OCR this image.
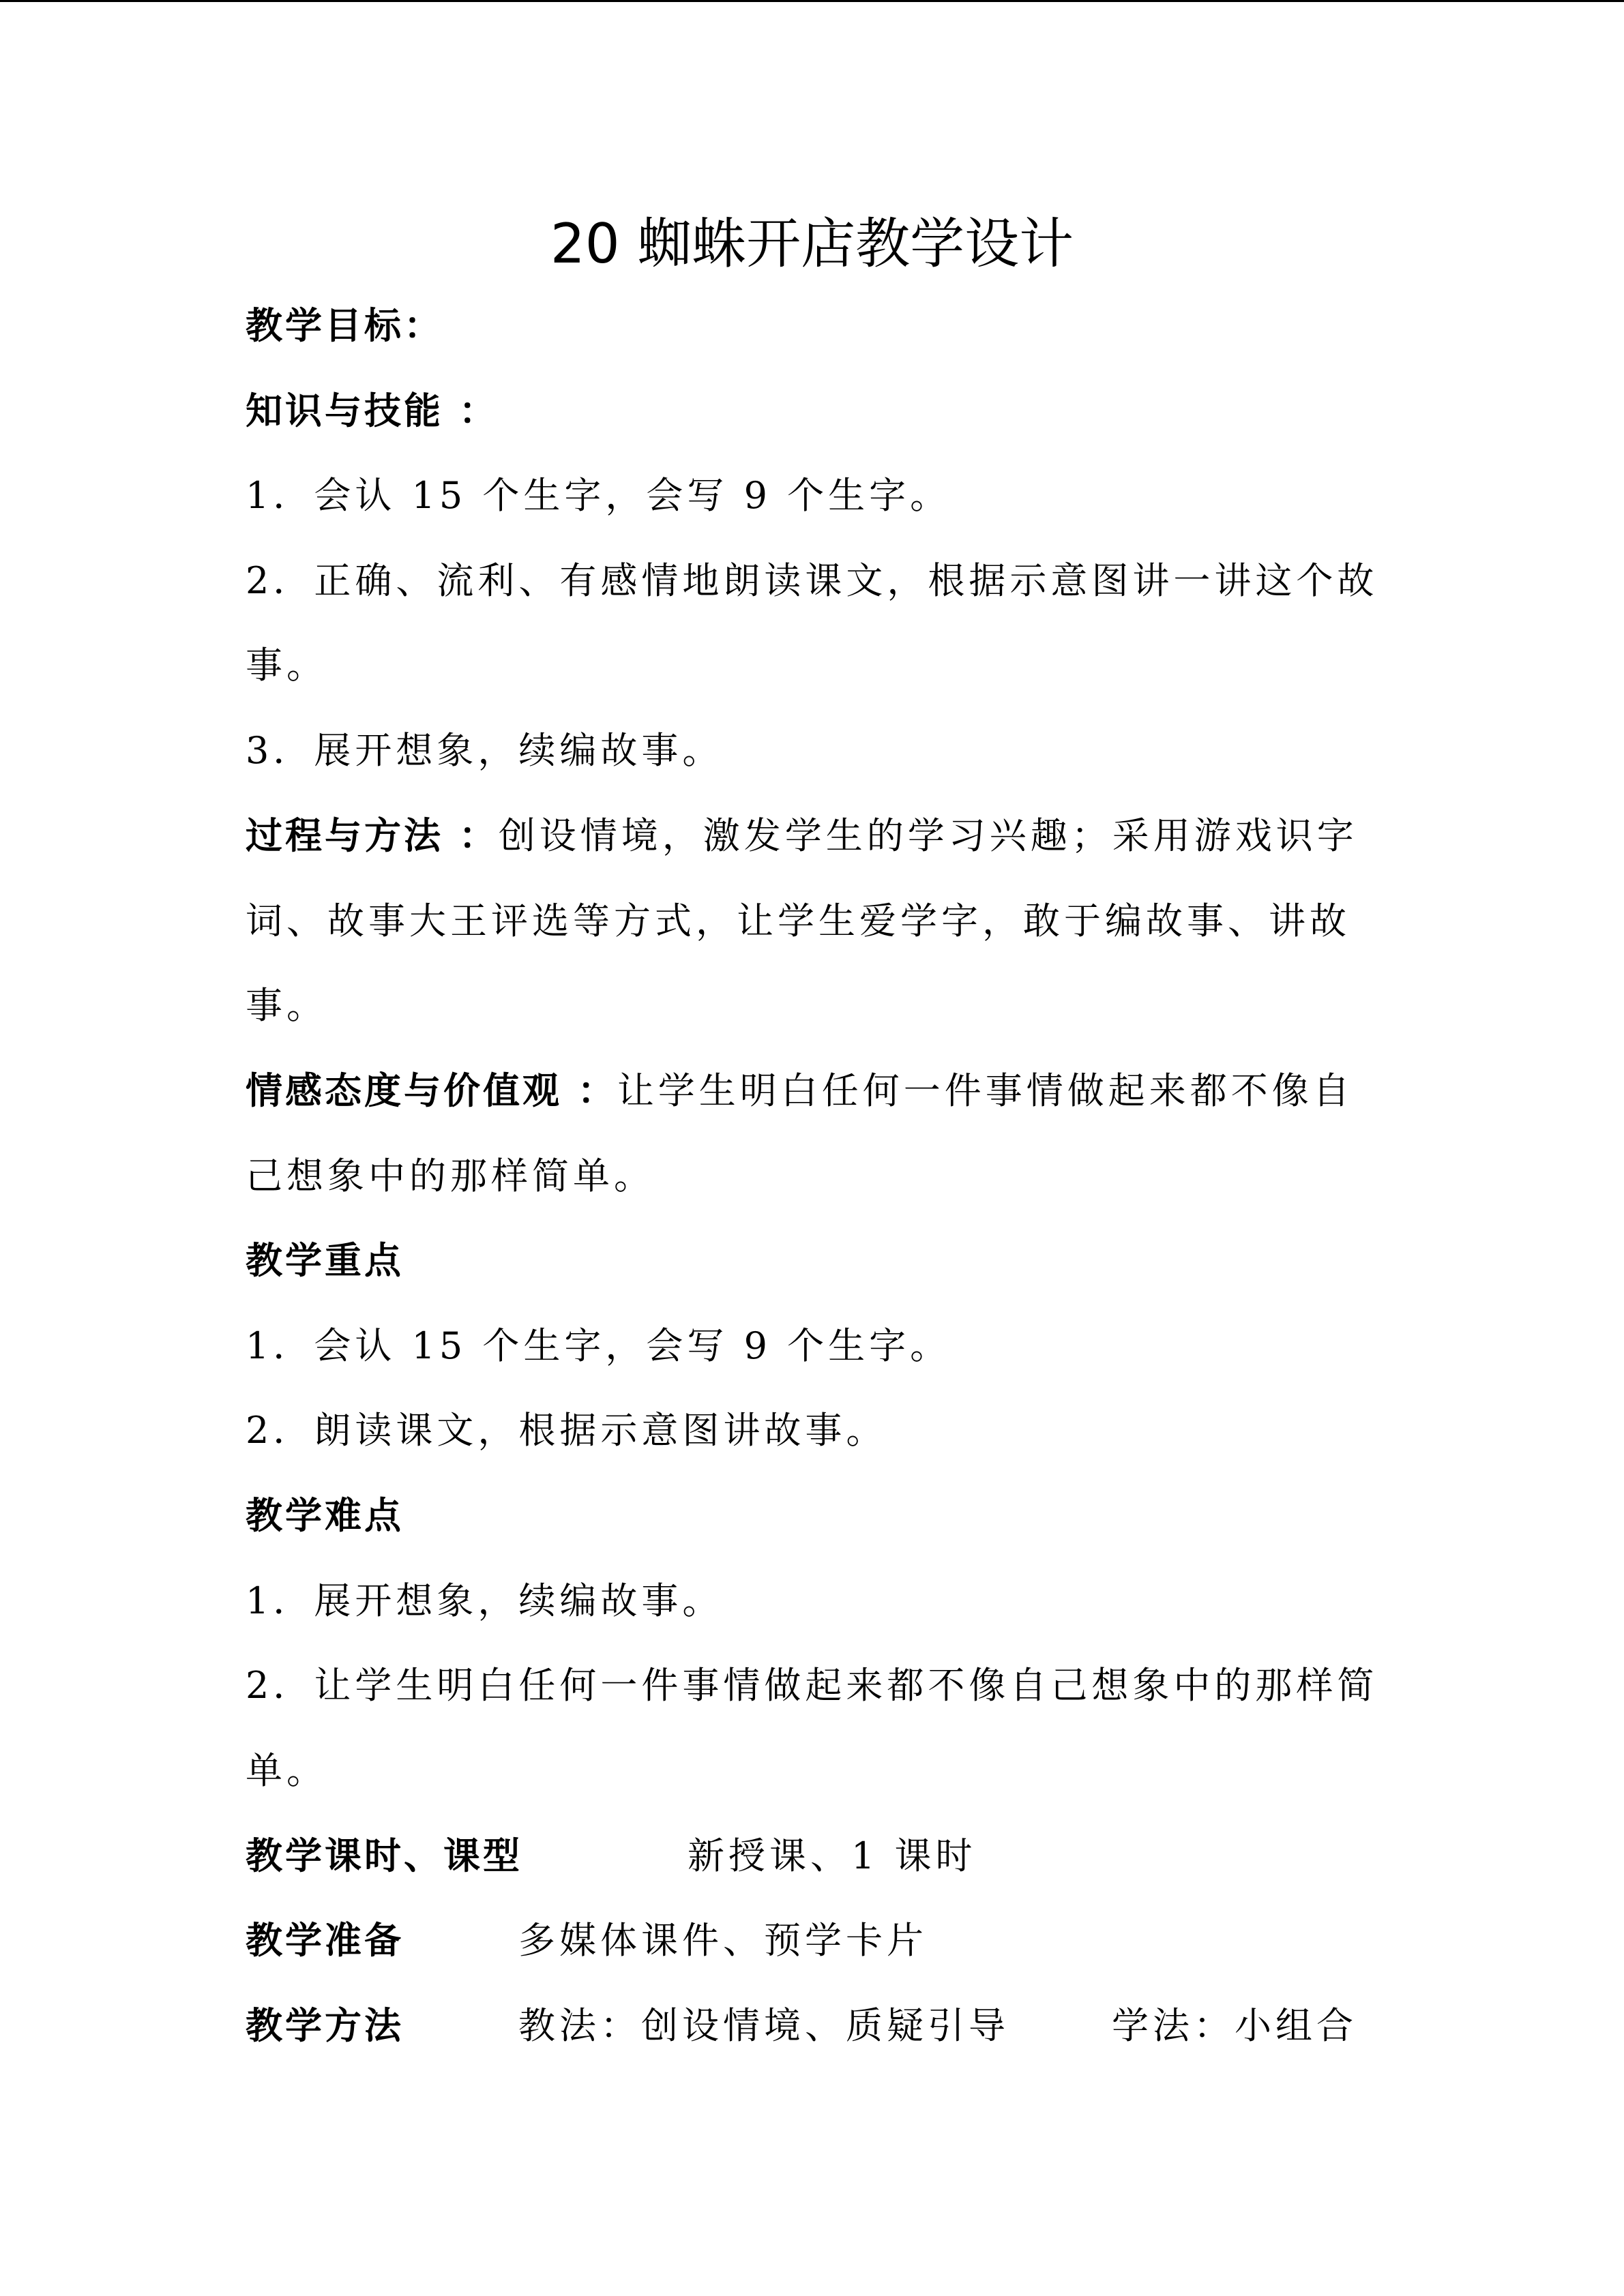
20 蜘蛛开店教学设计
教学目标：
知识与技能 ：
1．会认 15 个生字，会写 9 个生字。
2．正确、流利、有感情地朗读课文，根据示意图讲一讲这个故
事。
3．展开想象，续编故事。
过程与方法 ：创设情境，激发学生的学习兴趣；采用游戏识字
词、故事大王评选等方式，让学生爱学字，敢于编故事、讲故
事。
情感态度与价值观 ：让学生明白任何一件事情做起来都不像自
己想象中的那样简单。
教学重点
1．会认 15 个生字，会写 9 个生字。
2．朗读课文，根据示意图讲故事。
教学难点
1．展开想象，续编故事。
2．让学生明白任何一件事情做起来都不像自己想象中的那样简
单。
教学课时、课型	新授课、1 课时
教学准备	多媒体课件、预学卡片
教学方法	教法：创设情境、质疑引导	学法：小组合
